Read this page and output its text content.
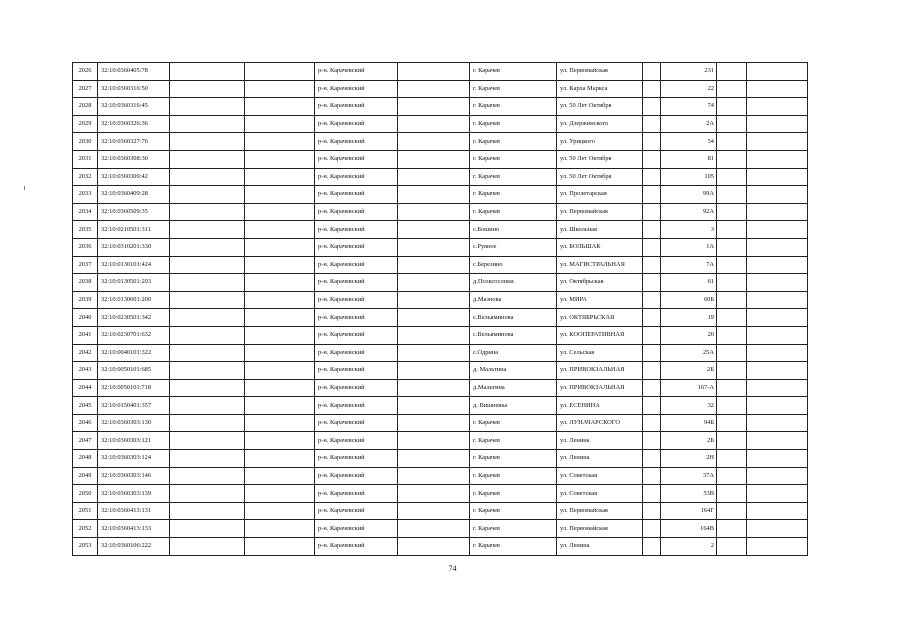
2026	32:10:0360405:78			р-н. Карачевский		г. Карачев	ул. Первомайская		231		
2027	32:10:0360316:50			р-н. Карачевский		г. Карачев	ул. Карла Маркса		22		
2028	32:10:0360316:45			р-н. Карачевский		г. Карачев	ул. 50 Лет Октября		74		
2029	32:10:0360326:36			р-н. Карачевский		г. Карачев	ул. Дзержинского		2А		
2030	32:10:0360327:76			р-н. Карачевский		г. Карачев	ул. Урицкого		54		
2031	32:10:0360308:30			р-н. Карачевский		г. Карачев	ул. 50 Лет Октября		81		
2032	32:10:0360309:42			р-н. Карачевский		г. Карачев	ул. 50 Лет Октября		105		
2033	32:10:0360409:28			р-н. Карачевский		г. Карачев	ул. Пролетарская		99А		
2034	32:10:0360509:35			р-н. Карачевский		г. Карачев	ул. Первомайская		92А		
2035	32:10:0210501:311			р-н. Карачевский		с.Бошино	ул. Школьная		3		
2036	32:10:0310201:330			р-н. Карачевский		с.Руяное	ул. БОЛЬШАК		1А		
2037	32:10:0130101:424			р-н. Карачевский		с.Березино	ул. МАГИСТРАЛЬНАЯ		7А		
2038	32:10:0130501:203			р-н. Карачевский		д.Псоксосонки	ул. Октябрьская		61		
2039	32:10:0130601:200			р-н. Карачевский		д.Мазнова	ул. МИРА		60Б		
2040	32:10:0230501:342			р-н. Карачевский		с.Вельяминова	ул. ОКТЯБРЬСКАЯ		19		
2041	32:10:0230701:632			р-н. Карачевский		с.Вельяминова	ул. КООПЕРАТИВНАЯ		20		
2042	32:10:0040101:322			р-н. Карачевский		с.Одрина	ул. Сельская		25А		
2043	32:10:0050101:685			р-н. Карачевский		д. Мальтина	ул. ПРИВОКЗАЛЬНАЯ		2Б		
2044	32:10:0050101:718			р-н. Карачевский		д.Мальтина	ул. ПРИВОКЗАЛЬНАЯ		167-А		
2045	32:10:0150401:357			р-н. Карачевский		д. Вишневка	ул. ЕСЕНИНА		32		
2046	32:10:0360303:130			р-н. Карачевский		г. Карачев	ул. ЛУНАЧАРСКОГО		94Б		
2047	32:10:0360303:121			р-н. Карачевский		г. Карачев	ул. Ленина		2Б		
2048	32:10:0360303:124			р-н. Карачевский		г. Карачев	ул. Ленина		2Н		
2049	32:10:0360303:146			р-н. Карачевский		г. Карачев	ул. Советская		37А		
2050	32:10:0360303:139			р-н. Карачевский		г. Карачев	ул. Советская		53В		
2051	32:10:0360413:131			р-н. Карачевский		г. Карачев	ул. Первомайская		164Г		
2052	32:10:0360413:133			р-н. Карачевский		г. Карачев	ул. Первомайская		164В		
2053	32:10:0360106:222			р-н. Карачевский		г. Карачев	ул. Ленина		2		
74
